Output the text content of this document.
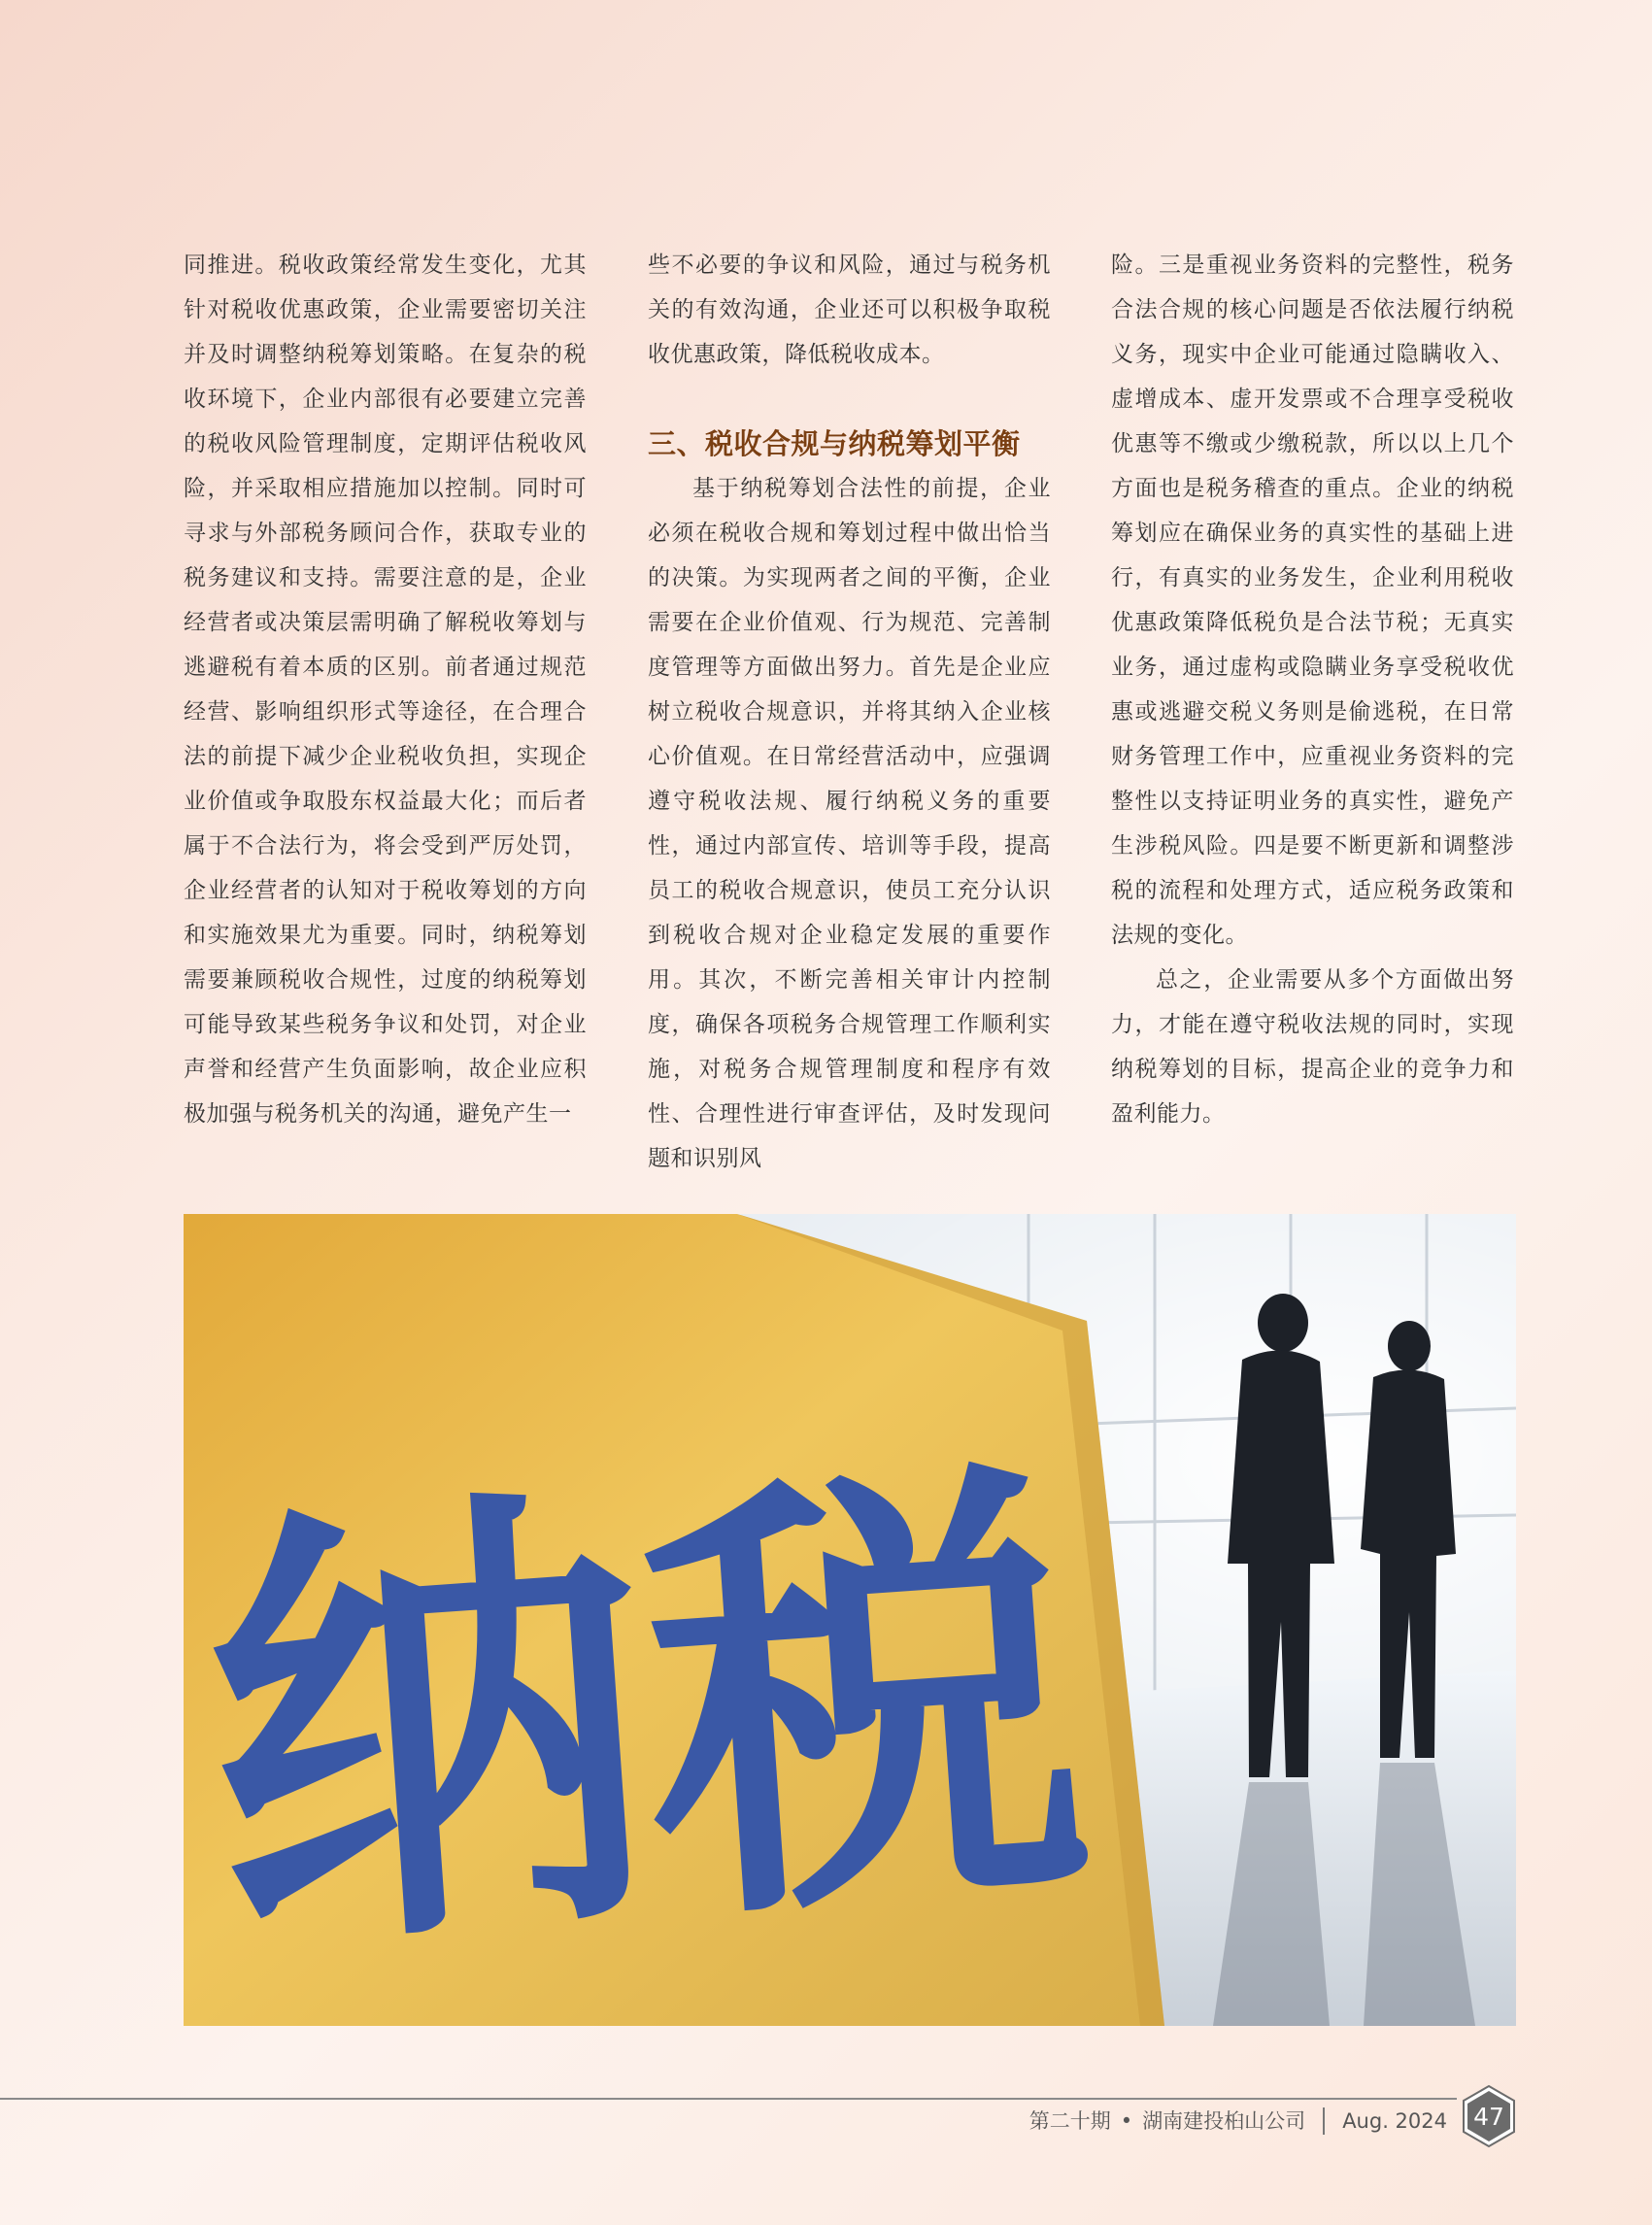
同推进。税收政策经常发生变化，尤其针对税收优惠政策，企业需要密切关注并及时调整纳税筹划策略。在复杂的税收环境下，企业内部很有必要建立完善的税收风险管理制度，定期评估税收风险，并采取相应措施加以控制。同时可寻求与外部税务顾问合作，获取专业的税务建议和支持。需要注意的是，企业经营者或决策层需明确了解税收筹划与逃避税有着本质的区别。前者通过规范经营、影响组织形式等途径，在合理合法的前提下减少企业税收负担，实现企业价值或争取股东权益最大化；而后者属于不合法行为，将会受到严厉处罚，企业经营者的认知对于税收筹划的方向和实施效果尤为重要。同时，纳税筹划需要兼顾税收合规性，过度的纳税筹划可能导致某些税务争议和处罚，对企业声誉和经营产生负面影响，故企业应积极加强与税务机关的沟通，避免产生一

些不必要的争议和风险，通过与税务机关的有效沟通，企业还可以积极争取税收优惠政策，降低税收成本。

三、税收合规与纳税筹划平衡

基于纳税筹划合法性的前提，企业必须在税收合规和筹划过程中做出恰当的决策。为实现两者之间的平衡，企业需要在企业价值观、行为规范、完善制度管理等方面做出努力。首先是企业应树立税收合规意识，并将其纳入企业核心价值观。在日常经营活动中，应强调遵守税收法规、履行纳税义务的重要性，通过内部宣传、培训等手段，提高员工的税收合规意识，使员工充分认识到税收合规对企业稳定发展的重要作用。其次，不断完善相关审计内控制度，确保各项税务合规管理工作顺利实施，对税务合规管理制度和程序有效性、合理性进行审查评估，及时发现问题和识别风

险。三是重视业务资料的完整性，税务合法合规的核心问题是否依法履行纳税义务，现实中企业可能通过隐瞒收入、虚增成本、虚开发票或不合理享受税收优惠等不缴或少缴税款，所以以上几个方面也是税务稽查的重点。企业的纳税筹划应在确保业务的真实性的基础上进行，有真实的业务发生，企业利用税收优惠政策降低税负是合法节税；无真实业务，通过虚构或隐瞒业务享受税收优惠或逃避交税义务则是偷逃税，在日常财务管理工作中，应重视业务资料的完整性以支持证明业务的真实性，避免产生涉税风险。四是要不断更新和调整涉税的流程和处理方式，适应税务政策和法规的变化。

总之，企业需要从多个方面做出努力，才能在遵守税收法规的同时，实现纳税筹划的目标，提高企业的竞争力和盈利能力。

纳税
第二十期 • 湖南建投桕山公司 Aug. 2024	47
